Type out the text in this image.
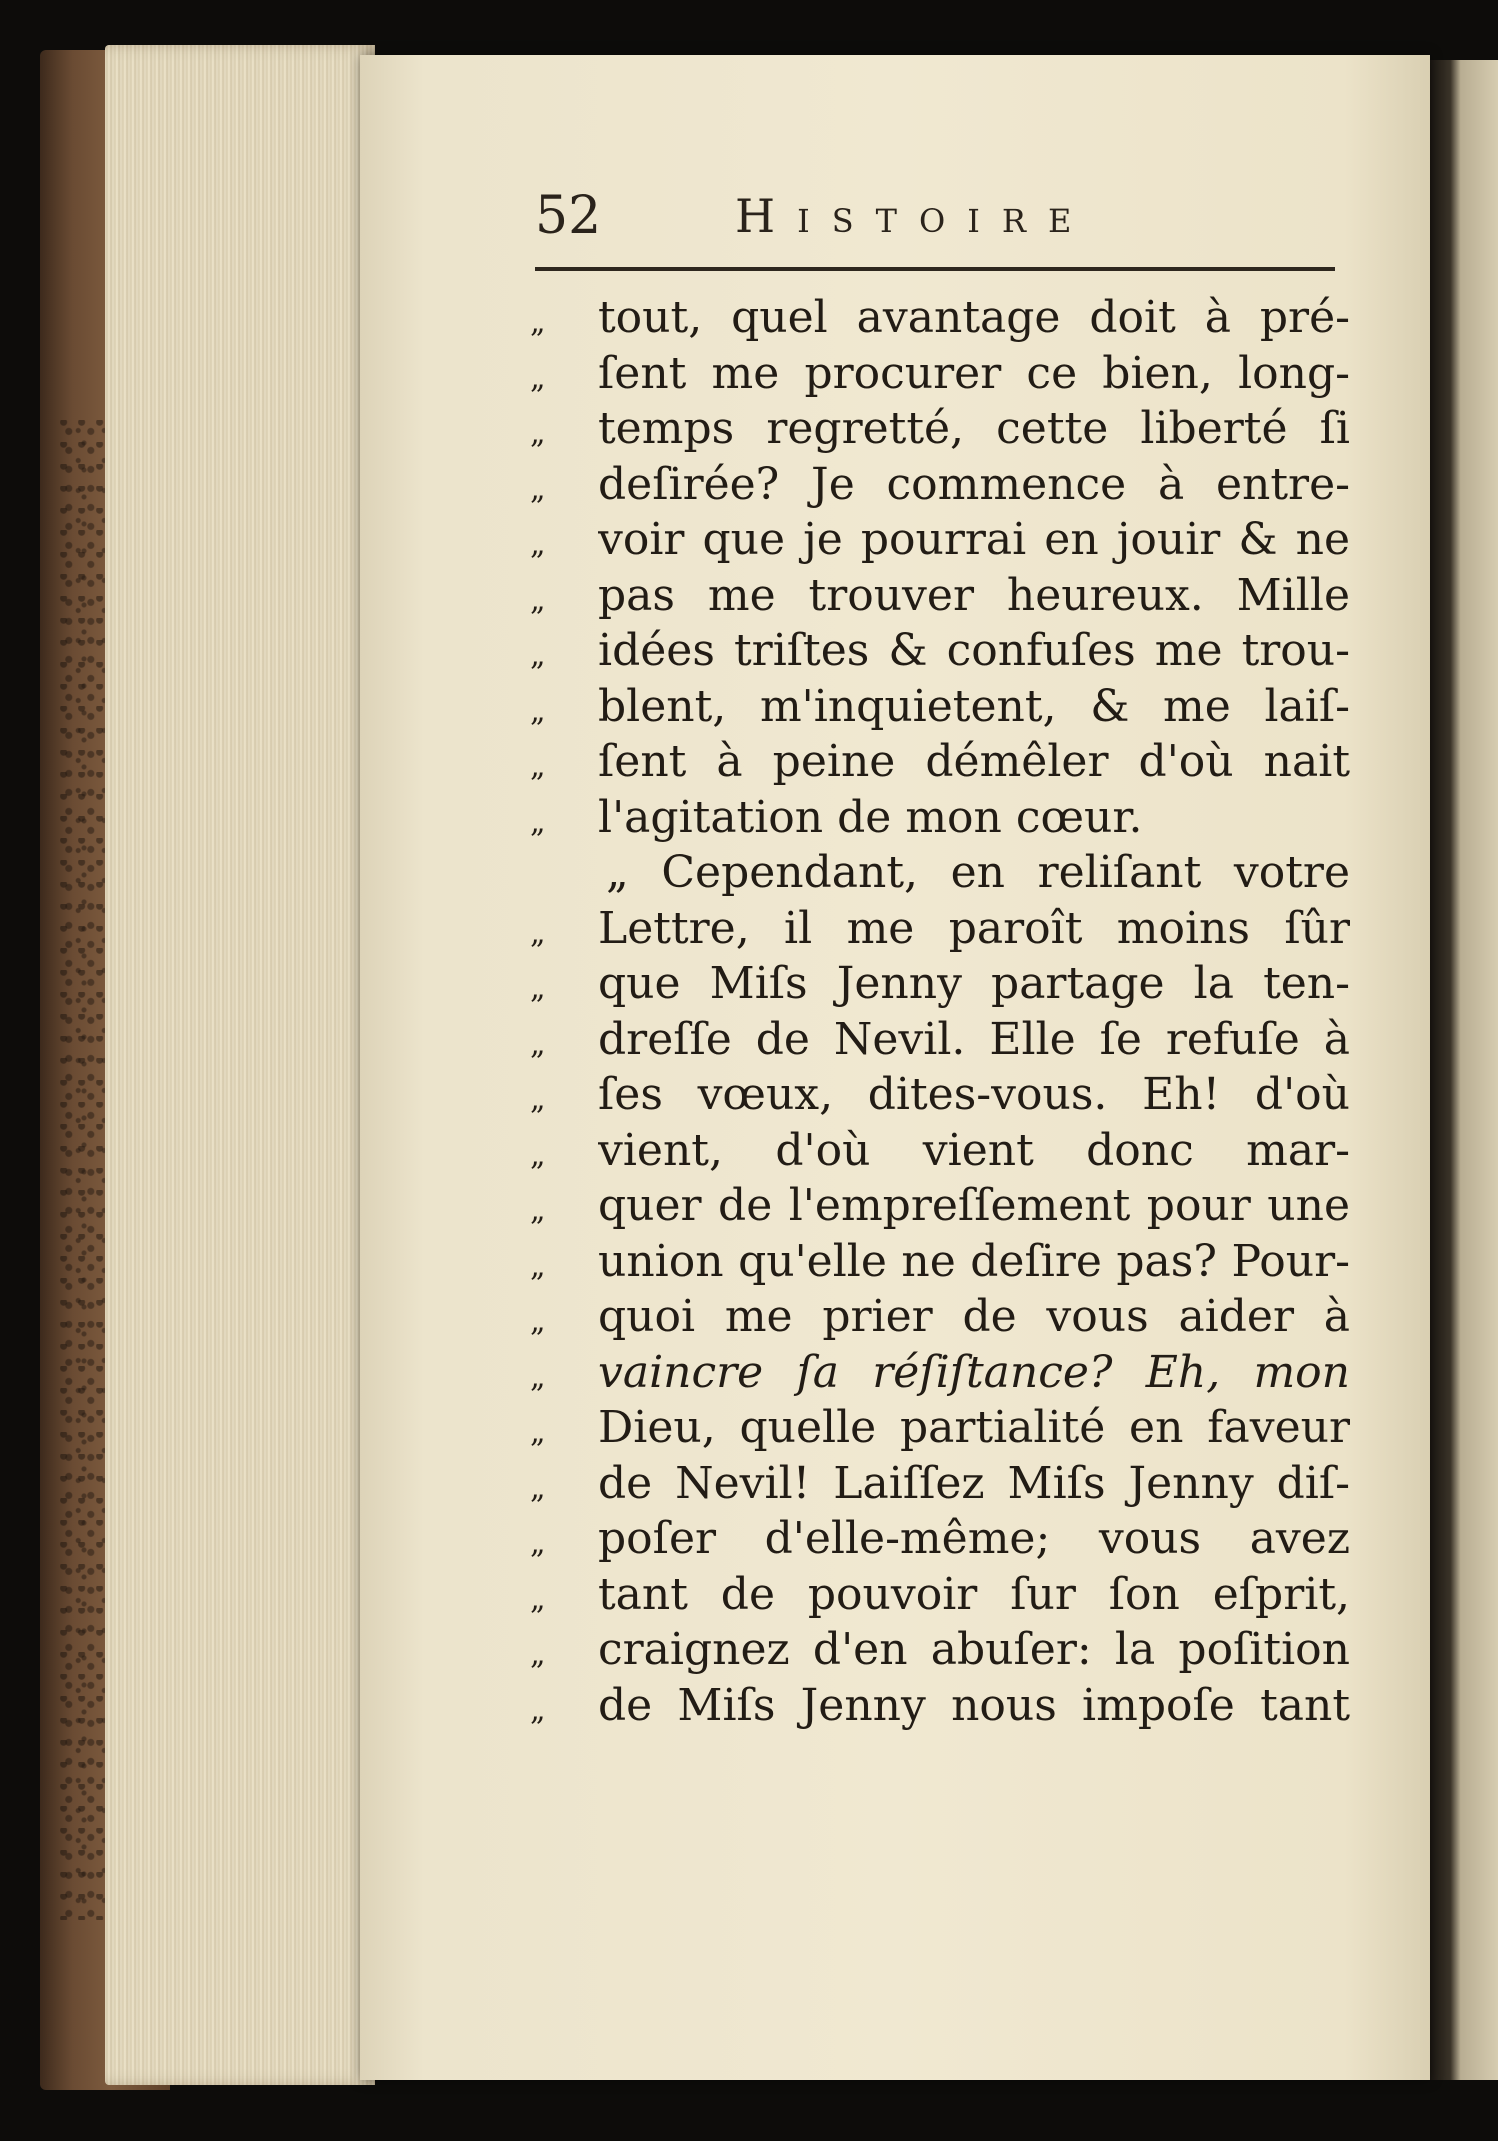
52	Histoire
„	tout, quel avantage doit à pré-
„	ſent me procurer ce bien, long-
„	temps regretté, cette liberté ſi
„	deſirée? Je commence à entre-
„	voir que je pourrai en jouir & ne
„	pas me trouver heureux. Mille
„	idées triſtes & confuſes me trou-
„	blent, m'inquietent, & me laiſ-
„	ſent à peine démêler d'où nait
„	l'agitation de mon cœur.
„ Cependant, en reliſant votre
„	Lettre, il me paroît moins ſûr
„	que Miſs Jenny partage la ten-
„	dreſſe de Nevil. Elle ſe refuſe à
„	ſes vœux, dites-vous. Eh! d'où
„	vient, d'où vient donc mar-
„	quer de l'empreſſement pour une
„	union qu'elle ne deſire pas? Pour-
„	quoi me prier de vous aider à
„	vaincre ſa réſiſtance? Eh, mon
„	Dieu, quelle partialité en faveur
„	de Nevil! Laiſſez Miſs Jenny diſ-
„	poſer d'elle-même; vous avez
„	tant de pouvoir ſur ſon eſprit,
„	craignez d'en abuſer: la poſition
„	de Miſs Jenny nous impoſe tant
